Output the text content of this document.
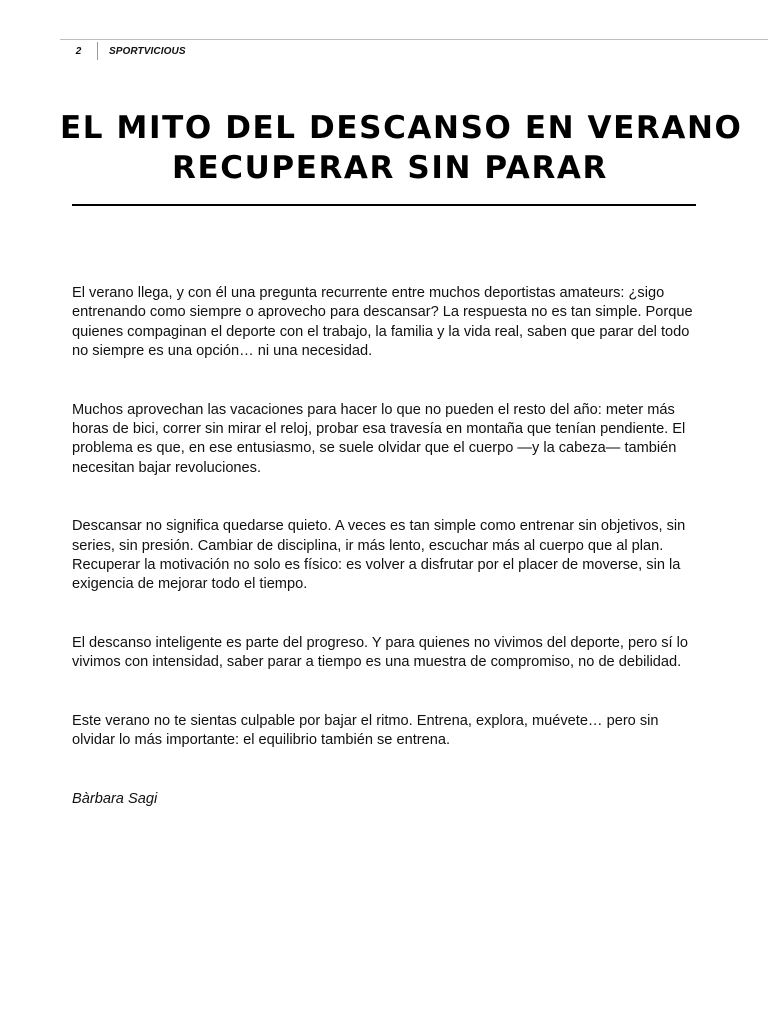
2	SPORTVICIOUS
EL MITO DEL DESCANSO EN VERANO
RECUPERAR SIN PARAR

El verano llega, y con él una pregunta recurrente entre muchos deportistas amateurs: ¿sigo entrenando como siempre o aprovecho para descansar? La respuesta no es tan simple. Porque quienes compaginan el deporte con el trabajo, la familia y la vida real, saben que parar del todo no siempre es una opción… ni una necesidad.

Muchos aprovechan las vacaciones para hacer lo que no pueden el resto del año: meter más horas de bici, correr sin mirar el reloj, probar esa travesía en montaña que tenían pendiente. El problema es que, en ese entusiasmo, se suele olvidar que el cuerpo —y la cabeza— también necesitan bajar revoluciones.

Descansar no significa quedarse quieto. A veces es tan simple como entrenar sin objetivos, sin series, sin presión. Cambiar de disciplina, ir más lento, escuchar más al cuerpo que al plan. Recuperar la motivación no solo es físico: es volver a disfrutar por el placer de moverse, sin la exigencia de mejorar todo el tiempo.

El descanso inteligente es parte del progreso. Y para quienes no vivimos del deporte, pero sí lo vivimos con intensidad, saber parar a tiempo es una muestra de compromiso, no de debilidad.

Este verano no te sientas culpable por bajar el ritmo. Entrena, explora, muévete… pero sin olvidar lo más importante: el equilibrio también se entrena.

Bàrbara Sagi
